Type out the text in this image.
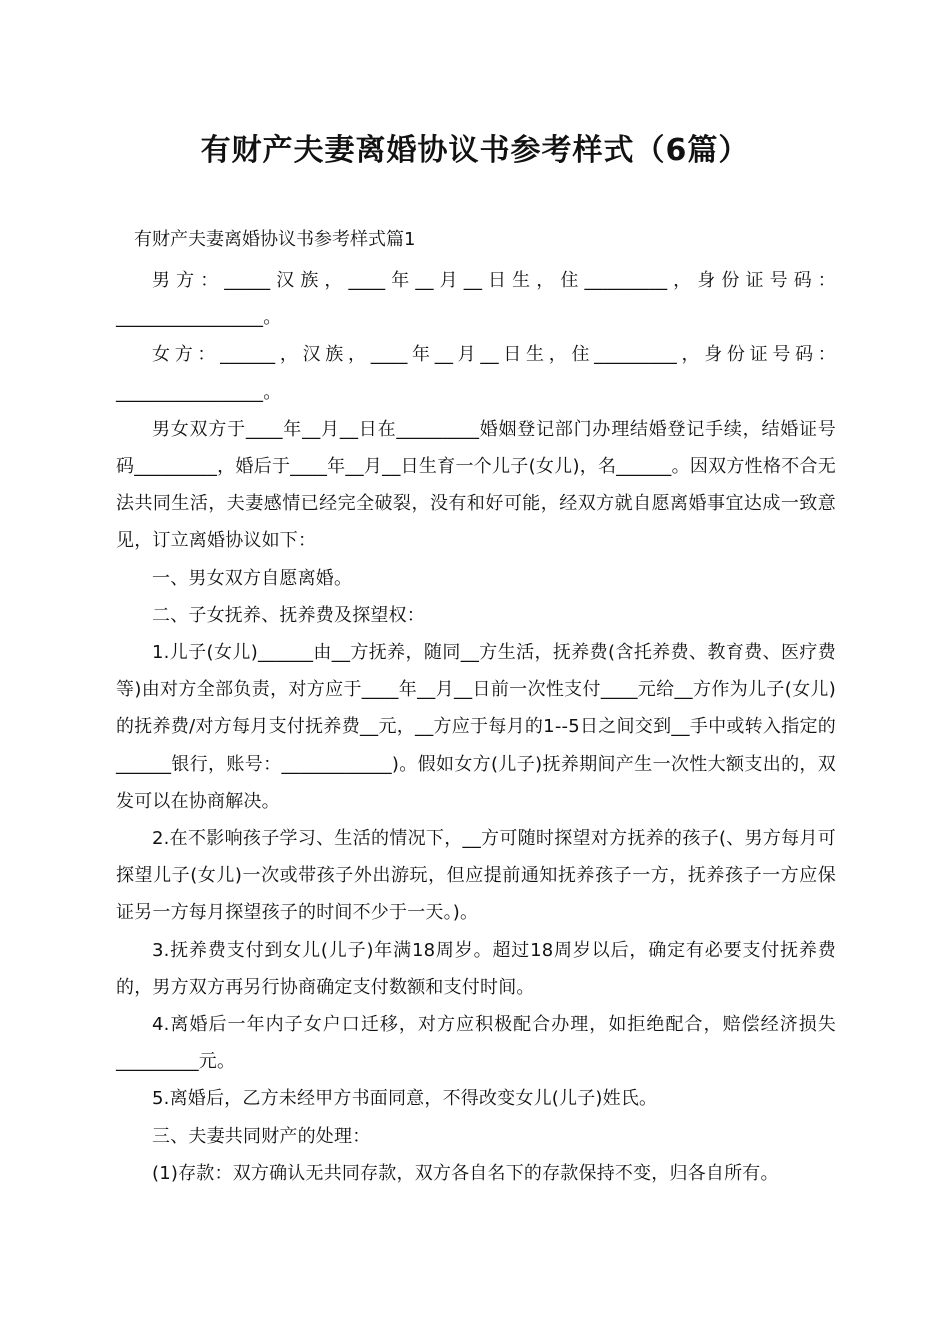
有财产夫妻离婚协议书参考样式（6篇）

有财产夫妻离婚协议书参考样式篇1

男方：_____汉族，____年__月__日生，住_________，身份证号码：________________。

女方：______，汉族，____年__月__日生，住_________，身份证号码：________________。

男女双方于____年__月__日在_________婚姻登记部门办理结婚登记手续，结婚证号码_________，婚后于____年__月__日生育一个儿子(女儿)，名______。因双方性格不合无法共同生活，夫妻感情已经完全破裂，没有和好可能，经双方就自愿离婚事宜达成一致意见，订立离婚协议如下：

一、男女双方自愿离婚。

二、子女抚养、抚养费及探望权：

1.儿子(女儿)______由__方抚养，随同__方生活，抚养费(含托养费、教育费、医疗费等)由对方全部负责，对方应于____年__月__日前一次性支付____元给__方作为儿子(女儿)的抚养费/对方每月支付抚养费__元，__方应于每月的1--5日之间交到__手中或转入指定的______银行，账号：____________)。假如女方(儿子)抚养期间产生一次性大额支出的，双发可以在协商解决。

2.在不影响孩子学习、生活的情况下，__方可随时探望对方抚养的孩子(、男方每月可探望儿子(女儿)一次或带孩子外出游玩，但应提前通知抚养孩子一方，抚养孩子一方应保证另一方每月探望孩子的时间不少于一天。)。

3.抚养费支付到女儿(儿子)年满18周岁。超过18周岁以后，确定有必要支付抚养费的，男方双方再另行协商确定支付数额和支付时间。

4.离婚后一年内子女户口迁移，对方应积极配合办理，如拒绝配合，赔偿经济损失_________元。

5.离婚后，乙方未经甲方书面同意，不得改变女儿(儿子)姓氏。

三、夫妻共同财产的处理：

(1)存款：双方确认无共同存款，双方各自名下的存款保持不变，归各自所有。
